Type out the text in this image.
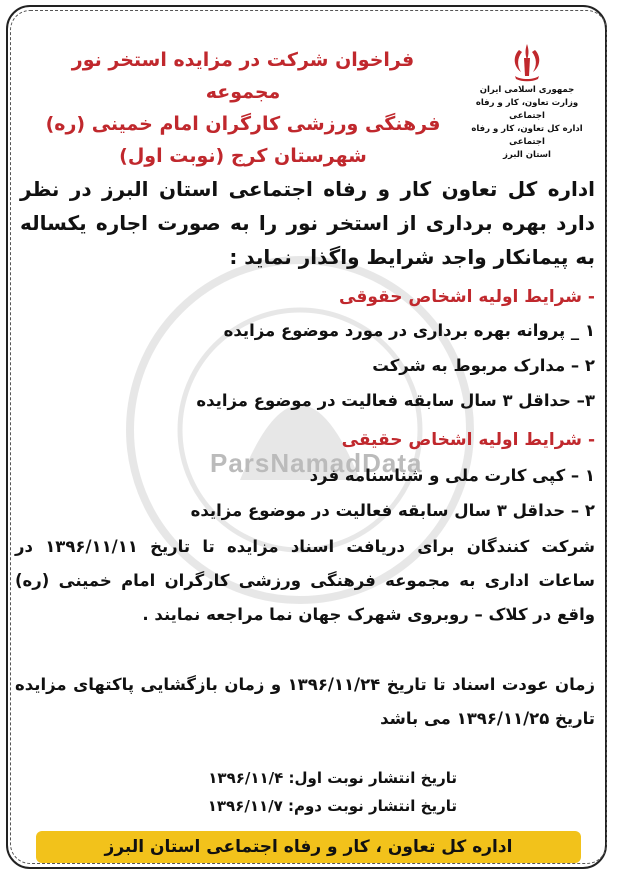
ParsNamadData
فراخوان شرکت در مزایده استخر نور مجموعه
فرهنگی ورزشی کارگران امام خمینی (ره)
شهرستان کرج (نوبت اول)
جمهوری اسلامی ایران
وزارت تعاون، کار و رفاه اجتماعی
اداره کل تعاون، کار و رفاه اجتماعی
استان البرز
اداره کل تعاون کار و رفاه اجتماعی استان البرز در نظر دارد بهره برداری از استخر نور را به صورت اجاره یکساله به پیمانکار واجد شرایط واگذار نماید :
- شرایط اولیه اشخاص حقوقی
۱ _ پروانه بهره برداری در مورد موضوع مزایده
۲ – مدارک مربوط به شرکت
۳– حداقل ۳ سال سابقه فعالیت در موضوع مزایده
- شرایط اولیه اشخاص حقیقی
۱ – کپی کارت ملی و شناسنامه فرد
۲ – حداقل ۳ سال سابقه فعالیت در موضوع مزایده
شرکت کنندگان برای دریافت اسناد مزایده تا تاریخ ۱۳۹۶/۱۱/۱۱ در ساعات اداری به مجموعه فرهنگی ورزشی کارگران امام خمینی (ره) واقع در کلاک – روبروی شهرک جهان نما مراجعه نمایند .
زمان عودت اسناد تا تاریخ ۱۳۹۶/۱۱/۲۴ و زمان بازگشایی پاکتهای مزایده تاریخ ۱۳۹۶/۱۱/۲۵ می باشد
تاریخ انتشار نوبت اول: ۱۳۹۶/۱۱/۴
تاریخ انتشار نوبت دوم: ۱۳۹۶/۱۱/۷
اداره کل تعاون ، کار و رفاه اجتماعی استان البرز
